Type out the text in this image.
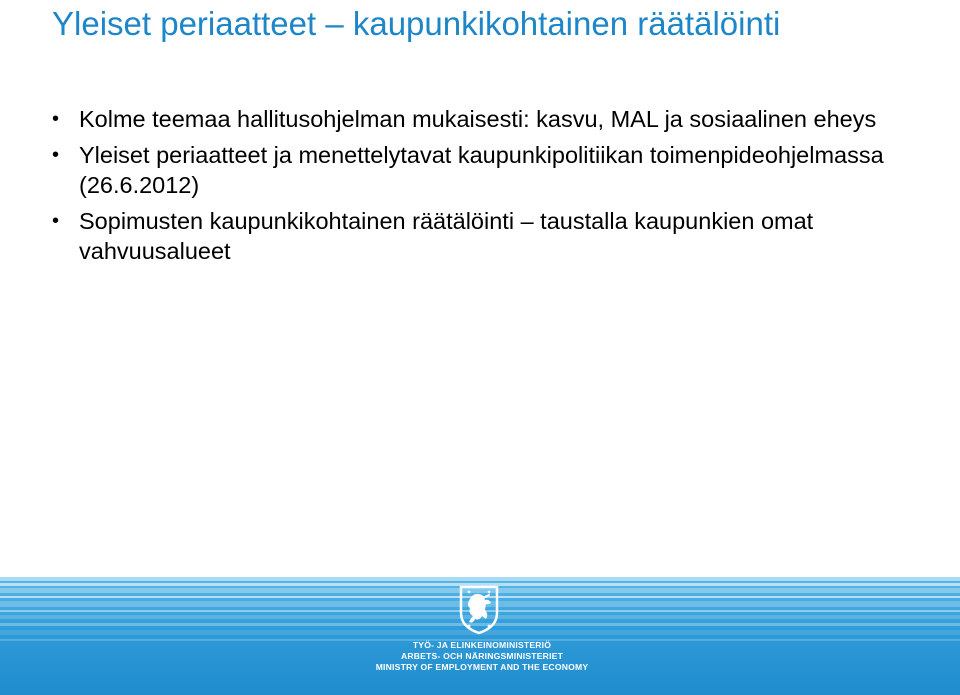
Yleiset periaatteet – kaupunkikohtainen räätälöinti
• Kolme teemaa hallitusohjelman mukaisesti: kasvu, MAL ja sosiaalinen eheys
• Yleiset periaatteet ja menettelytavat kaupunkipolitiikan toimenpideohjelmassa (26.6.2012)
• Sopimusten kaupunkikohtainen räätälöinti – taustalla kaupunkien omat vahvuusalueet
TYÖ- JA ELINKEINOMINISTERIÖ
ARBETS- OCH NÄRINGSMINISTERIET
MINISTRY OF EMPLOYMENT AND THE ECONOMY
